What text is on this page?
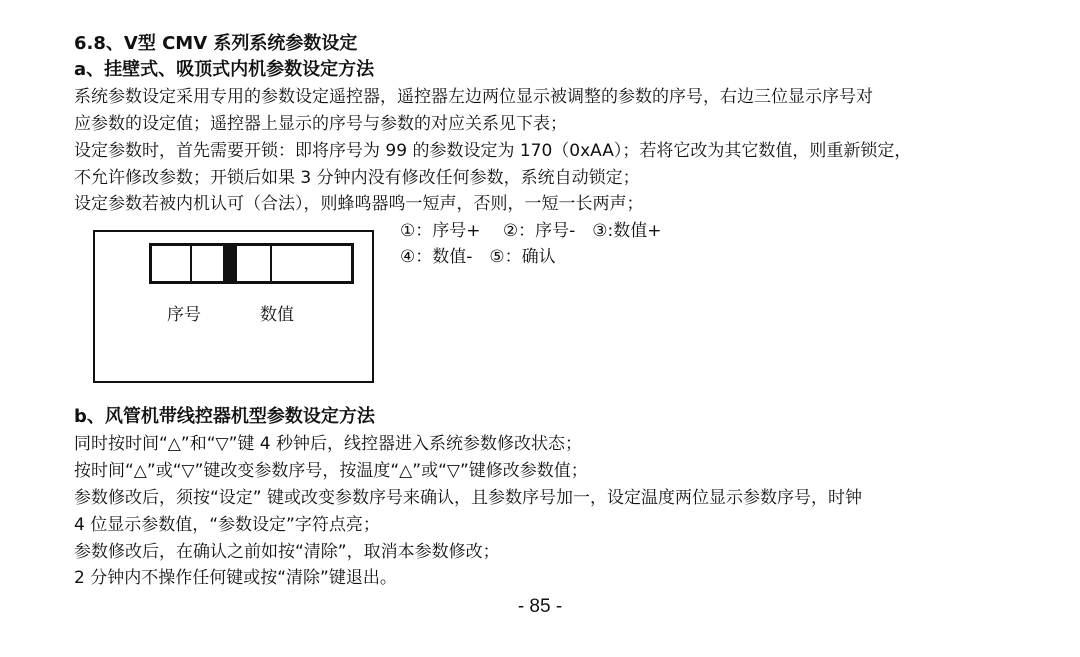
6.8、V型 CMV 系列系统参数设定
a、挂壁式、吸顶式内机参数设定方法
系统参数设定采用专用的参数设定遥控器，遥控器左边两位显示被调整的参数的序号，右边三位显示序号对
应参数的设定值；遥控器上显示的序号与参数的对应关系见下表；
设定参数时，首先需要开锁：即将序号为 99 的参数设定为 170（0xAA）；若将它改为其它数值，则重新锁定，
不允许修改参数；开锁后如果 3 分钟内没有修改任何参数，系统自动锁定；
设定参数若被内机认可（合法），则蜂鸣器鸣一短声，否则，一短一长两声；
序号	数值
①：序号+　 ②：序号-　③:数值+
④：数值-　⑤：确认
b、风管机带线控器机型参数设定方法
同时按时间“△”和“▽”键 4 秒钟后，线控器进入系统参数修改状态；
按时间“△”或“▽”键改变参数序号，按温度“△”或“▽”键修改参数值；
参数修改后，须按“设定” 键或改变参数序号来确认，且参数序号加一，设定温度两位显示参数序号，时钟
4 位显示参数值，“参数设定”字符点亮；
参数修改后，在确认之前如按“清除”，取消本参数修改；
2 分钟内不操作任何键或按“清除”键退出。
- 85 -
